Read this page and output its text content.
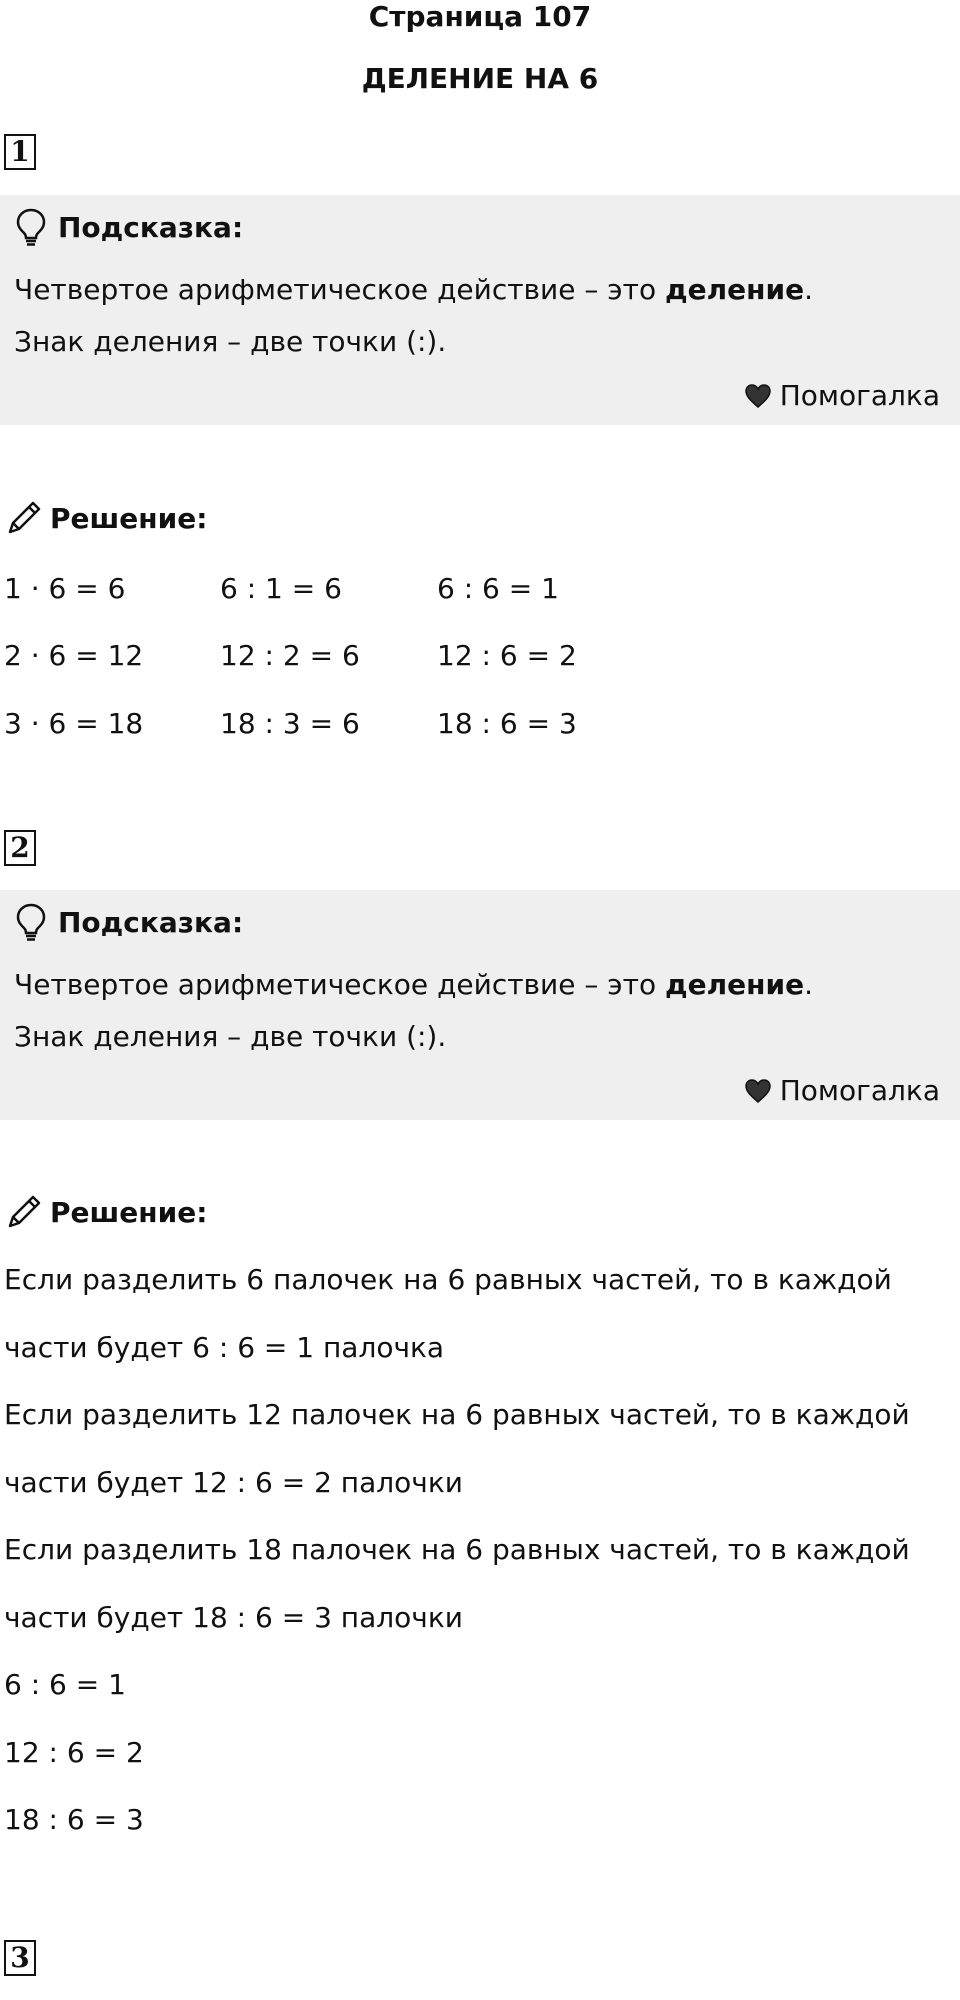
Страница 107
ДЕЛЕНИЕ НА 6
1
Подсказка:
Четвертое арифметическое действие – это деление.
Знак деления – две точки (:).
Помогалка
Решение:
1 · 6 = 6	6 : 1 = 6	6 : 6 = 1
2 · 6 = 12	12 : 2 = 6	12 : 6 = 2
3 · 6 = 18	18 : 3 = 6	18 : 6 = 3
2
Подсказка:
Четвертое арифметическое действие – это деление.
Знак деления – две точки (:).
Помогалка
Решение:
Если разделить 6 палочек на 6 равных частей, то в каждой
части будет 6 : 6 = 1 палочка
Если разделить 12 палочек на 6 равных частей, то в каждой
части будет 12 : 6 = 2 палочки
Если разделить 18 палочек на 6 равных частей, то в каждой
части будет 18 : 6 = 3 палочки
6 : 6 = 1
12 : 6 = 2
18 : 6 = 3
3
